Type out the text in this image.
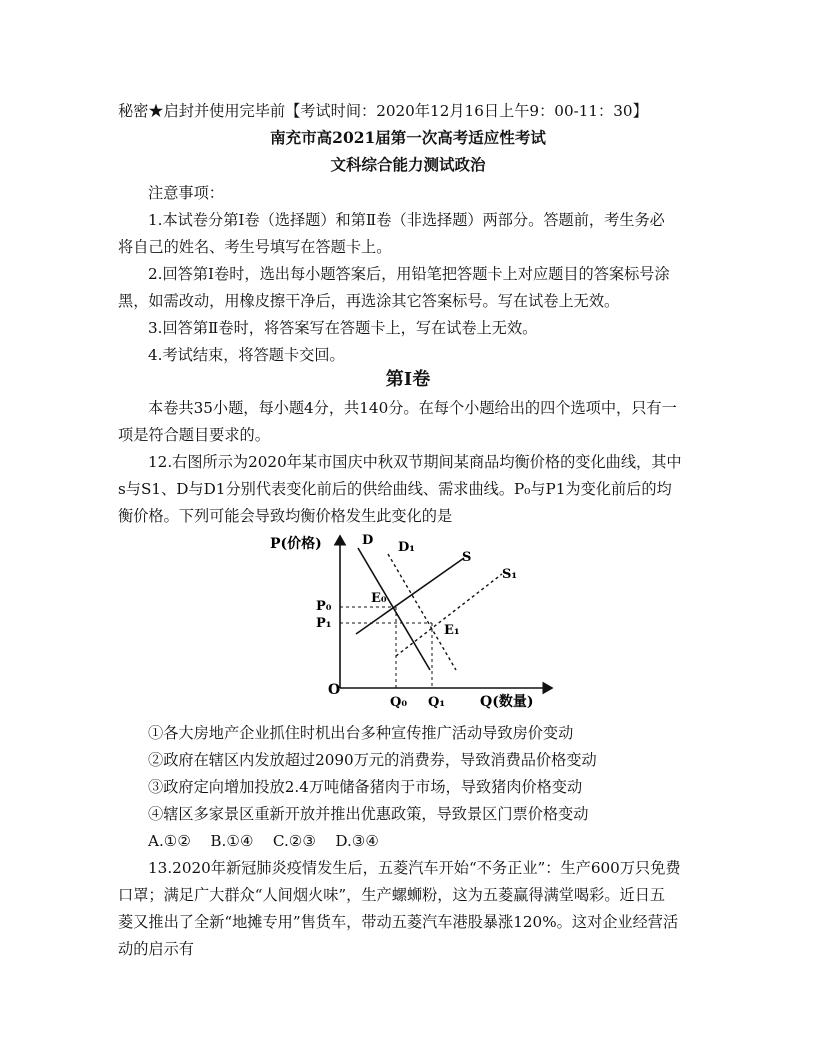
秘密★启封并使用完毕前【考试时间：2020年12月16日上午9：00-11：30】
南充市高2021届第一次高考适应性考试
文科综合能力测试政治
注意事项：
1.本试卷分第Ⅰ卷（选择题）和第Ⅱ卷（非选择题）两部分。答题前，考生务必
将自己的姓名、考生号填写在答题卡上。
2.回答第Ⅰ卷时，选出每小题答案后，用铅笔把答题卡上对应题目的答案标号涂
黑，如需改动，用橡皮擦干净后，再选涂其它答案标号。写在试卷上无效。
3.回答第Ⅱ卷时，将答案写在答题卡上，写在试卷上无效。
4.考试结束，将答题卡交回。
第Ⅰ卷
本卷共35小题，每小题4分，共140分。在每个小题给出的四个选项中，只有一
项是符合题目要求的。
12.右图所示为2020年某市国庆中秋双节期间某商品均衡价格的变化曲线，其中
s与S1、D与D1分别代表变化前后的供给曲线、需求曲线。P₀与P1为变化前后的均
衡价格。下列可能会导致均衡价格发生此变化的是
P(价格)
Q(数量)
O
P₀
P₁
Q₀ Q₁
D D₁
S
S₁
E₀
E₁
①各大房地产企业抓住时机出台多种宣传推广活动导致房价变动
②政府在辖区内发放超过2090万元的消费券，导致消费品价格变动
③政府定向增加投放2.4万吨储备猪肉于市场，导致猪肉价格变动
④辖区多家景区重新开放并推出优惠政策，导致景区门票价格变动
A.①②    B.①④    C.②③    D.③④
13.2020年新冠肺炎疫情发生后，五菱汽车开始“不务正业”：生产600万只免费
口罩；满足广大群众“人间烟火味”，生产螺蛳粉，这为五菱赢得满堂喝彩。近日五
菱又推出了全新“地摊专用”售货车，带动五菱汽车港股暴涨120%。这对企业经营活
动的启示有
